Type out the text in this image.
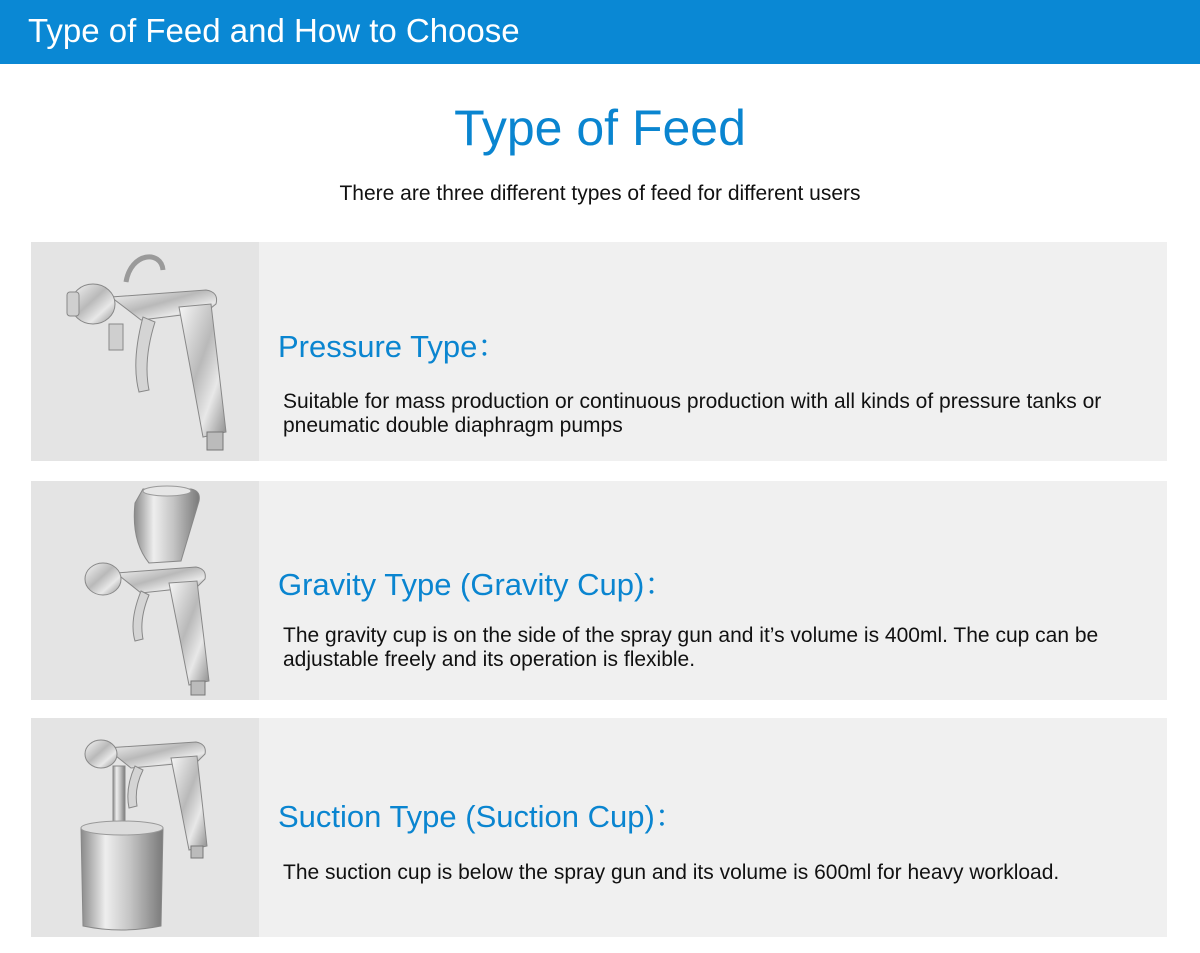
Type of Feed and How to Choose
Type of Feed
There are three different types of feed for different users
Pressure Type：
Suitable for mass production or continuous production with all kinds of pressure tanks or pneumatic double diaphragm pumps
Gravity Type (Gravity Cup)：
The gravity cup is on the side of the spray gun and it’s volume is 400ml. The cup can be adjustable freely and its operation is flexible.
Suction Type (Suction Cup)：
The suction cup is below the spray gun and its volume is 600ml for heavy workload.
